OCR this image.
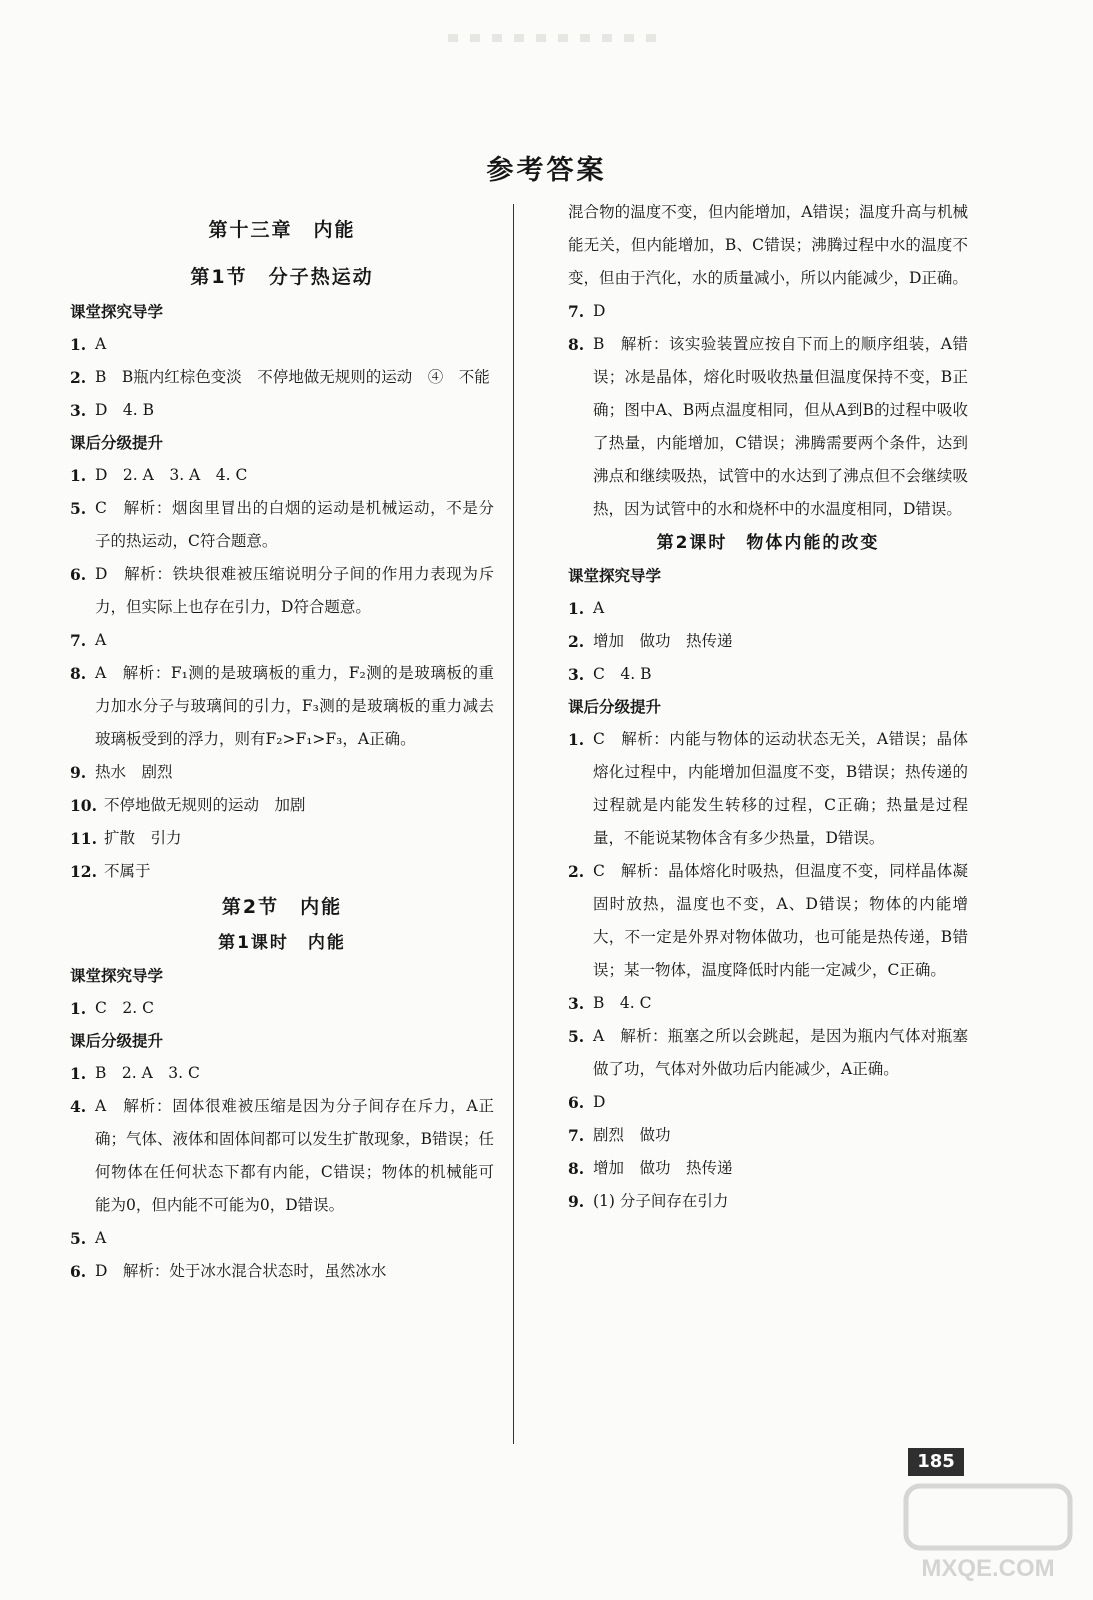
参考答案
第十三章　内能
第1节　分子热运动
课堂探究导学
1. A
2. B　B瓶内红棕色变淡　不停地做无规则的运动　④　不能
3. D　4. B
课后分级提升
1. D　2. A　3. A　4. C
5. C　解析：烟囱里冒出的白烟的运动是机械运动，不是分子的热运动，C符合题意。
6. D　解析：铁块很难被压缩说明分子间的作用力表现为斥力，但实际上也存在引力，D符合题意。
7. A
8. A　解析：F₁测的是玻璃板的重力，F₂测的是玻璃板的重力加水分子与玻璃间的引力，F₃测的是玻璃板的重力减去玻璃板受到的浮力，则有F₂>F₁>F₃，A正确。
9. 热水　剧烈
10. 不停地做无规则的运动　加剧
11. 扩散　引力
12. 不属于
第2节　内能
第1课时　内能
课堂探究导学
1. C　2. C
课后分级提升
1. B　2. A　3. C
4. A　解析：固体很难被压缩是因为分子间存在斥力，A正确；气体、液体和固体间都可以发生扩散现象，B错误；任何物体在任何状态下都有内能，C错误；物体的机械能可能为0，但内能不可能为0，D错误。
5. A
6. D　解析：处于冰水混合状态时，虽然冰水
混合物的温度不变，但内能增加，A错误；温度升高与机械能无关，但内能增加，B、C错误；沸腾过程中水的温度不变，但由于汽化，水的质量减小，所以内能减少，D正确。
7. D
8. B　解析：该实验装置应按自下而上的顺序组装，A错误；冰是晶体，熔化时吸收热量但温度保持不变，B正确；图中A、B两点温度相同，但从A到B的过程中吸收了热量，内能增加，C错误；沸腾需要两个条件，达到沸点和继续吸热，试管中的水达到了沸点但不会继续吸热，因为试管中的水和烧杯中的水温度相同，D错误。
第2课时　物体内能的改变
课堂探究导学
1. A
2. 增加　做功　热传递
3. C　4. B
课后分级提升
1. C　解析：内能与物体的运动状态无关，A错误；晶体熔化过程中，内能增加但温度不变，B错误；热传递的过程就是内能发生转移的过程，C正确；热量是过程量，不能说某物体含有多少热量，D错误。
2. C　解析：晶体熔化时吸热，但温度不变，同样晶体凝固时放热，温度也不变，A、D错误；物体的内能增大，不一定是外界对物体做功，也可能是热传递，B错误；某一物体，温度降低时内能一定减少，C正确。
3. B　4. C
5. A　解析：瓶塞之所以会跳起，是因为瓶内气体对瓶塞做了功，气体对外做功后内能减少，A正确。
6. D
7. 剧烈　做功
8. 增加　做功　热传递
9. (1) 分子间存在引力
185
MXQE.COM
